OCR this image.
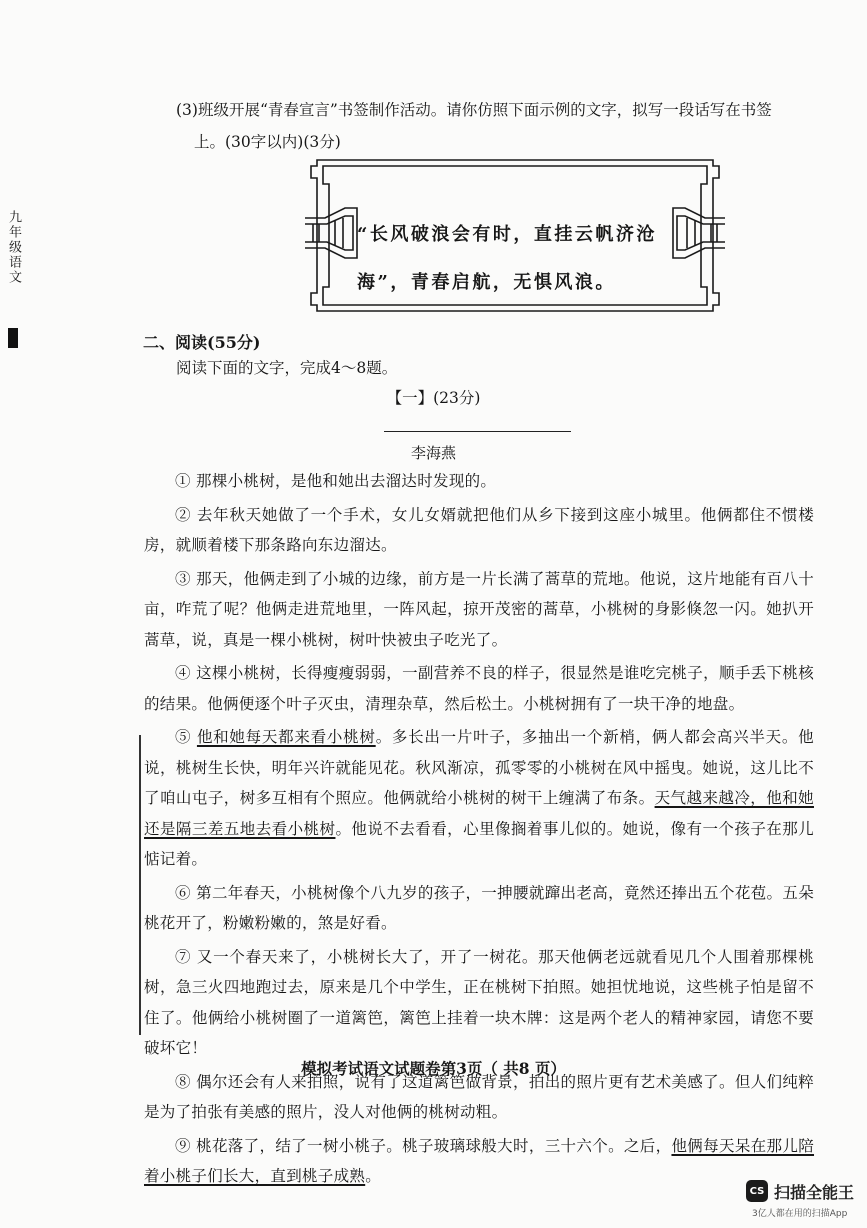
九年级语文
(3)班级开展“青春宣言”书签制作活动。请你仿照下面示例的文字，拟写一段话写在书签
上。(30字以内)(3分)
“长风破浪会有时，直挂云帆济沧
海”，青春启航，无惧风浪。
二、阅读(55分)
阅读下面的文字，完成4～8题。
【一】(23分)
李海燕

① 那棵小桃树，是他和她出去溜达时发现的。

② 去年秋天她做了一个手术，女儿女婿就把他们从乡下接到这座小城里。他俩都住不惯楼房，就顺着楼下那条路向东边溜达。

③ 那天，他俩走到了小城的边缘，前方是一片长满了蒿草的荒地。他说，这片地能有百八十亩，咋荒了呢？他俩走进荒地里，一阵风起，掠开茂密的蒿草，小桃树的身影倏忽一闪。她扒开蒿草，说，真是一棵小桃树，树叶快被虫子吃光了。

④ 这棵小桃树，长得瘦瘦弱弱，一副营养不良的样子，很显然是谁吃完桃子，顺手丢下桃核的结果。他俩便逐个叶子灭虫，清理杂草，然后松土。小桃树拥有了一块干净的地盘。

⑤ 他和她每天都来看小桃树。多长出一片叶子，多抽出一个新梢，俩人都会高兴半天。他说，桃树生长快，明年兴许就能见花。秋风渐凉，孤零零的小桃树在风中摇曳。她说，这儿比不了咱山屯子，树多互相有个照应。他俩就给小桃树的树干上缠满了布条。天气越来越冷，他和她还是隔三差五地去看小桃树。他说不去看看，心里像搁着事儿似的。她说，像有一个孩子在那儿惦记着。

⑥ 第二年春天，小桃树像个八九岁的孩子，一抻腰就蹿出老高，竟然还捧出五个花苞。五朵桃花开了，粉嫩粉嫩的，煞是好看。

⑦ 又一个春天来了，小桃树长大了，开了一树花。那天他俩老远就看见几个人围着那棵桃树，急三火四地跑过去，原来是几个中学生，正在桃树下拍照。她担忧地说，这些桃子怕是留不住了。他俩给小桃树圈了一道篱笆，篱笆上挂着一块木牌：这是两个老人的精神家园，请您不要破坏它！

⑧ 偶尔还会有人来拍照，说有了这道篱笆做背景，拍出的照片更有艺术美感了。但人们纯粹是为了拍张有美感的照片，没人对他俩的桃树动粗。

⑨ 桃花落了，结了一树小桃子。桃子玻璃球般大时，三十六个。之后，他俩每天呆在那儿陪着小桃子们长大，直到桃子成熟。

模拟考试语文试题卷第3页（ 共8 页）
CS 扫描全能王
3亿人都在用的扫描App
